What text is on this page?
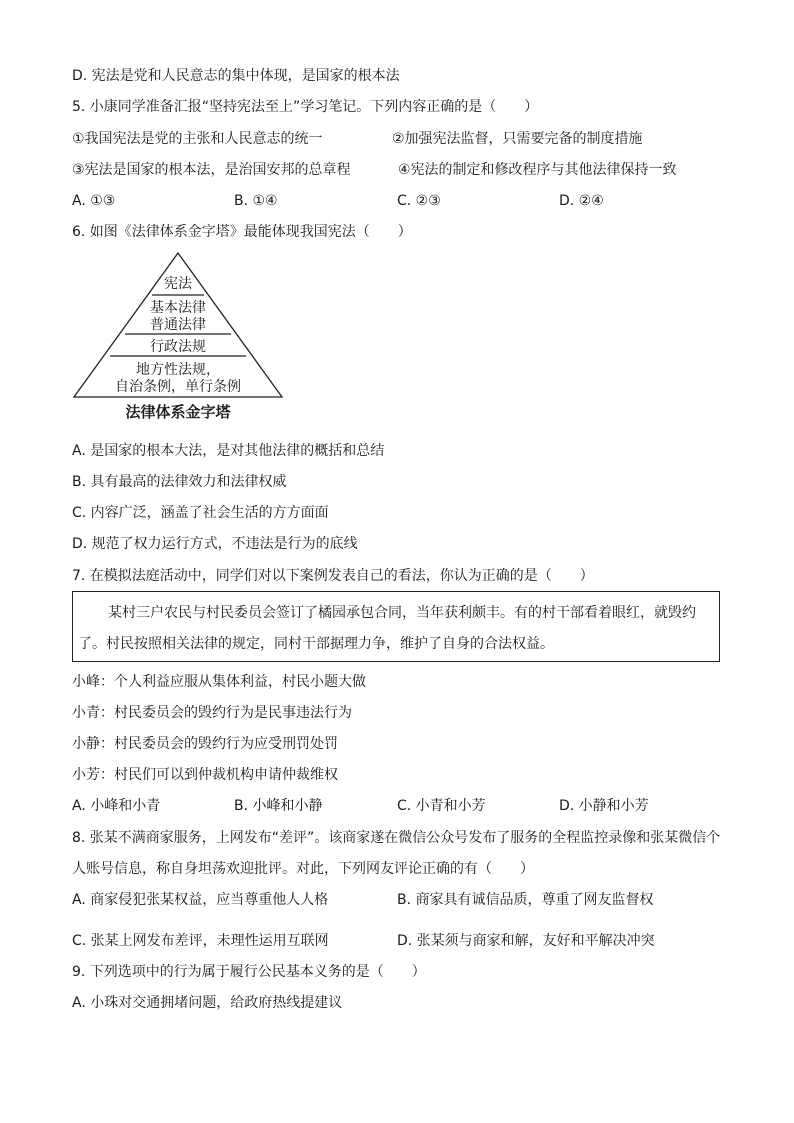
D. 宪法是党和人民意志的集中体现，是国家的根本法
5. 小康同学准备汇报“坚持宪法至上”学习笔记。下列内容正确的是（　　）
①我国宪法是党的主张和人民意志的统一	②加强宪法监督，只需要完备的制度措施
③宪法是国家的根本法，是治国安邦的总章程	④宪法的制定和修改程序与其他法律保持一致
A. ①③	B. ①④	C. ②③	D. ②④
6. 如图《法律体系金字塔》最能体现我国宪法（　　）
宪法
基本法律
普通法律
行政法规
地方性法规，
自治条例，单行条例
法律体系金字塔
A. 是国家的根本大法，是对其他法律的概括和总结
B. 具有最高的法律效力和法律权威
C. 内容广泛，涵盖了社会生活的方方面面
D. 规范了权力运行方式，不违法是行为的底线
7. 在模拟法庭活动中，同学们对以下案例发表自己的看法，你认为正确的是（　　）
某村三户农民与村民委员会签订了橘园承包合同，当年获利颇丰。有的村干部看着眼红，就毁约
了。村民按照相关法律的规定，同村干部据理力争，维护了自身的合法权益。
小峰：个人利益应服从集体利益，村民小题大做
小青：村民委员会的毁约行为是民事违法行为
小静：村民委员会的毁约行为应受刑罚处罚
小芳：村民们可以到仲裁机构申请仲裁维权
A. 小峰和小青	B. 小峰和小静	C. 小青和小芳	D. 小静和小芳
8. 张某不满商家服务，上网发布“差评”。该商家遂在微信公众号发布了服务的全程监控录像和张某微信个
人账号信息，称自身坦荡欢迎批评。对此，下列网友评论正确的有（　　）
A. 商家侵犯张某权益，应当尊重他人人格	B. 商家具有诚信品质，尊重了网友监督权
C. 张某上网发布差评，未理性运用互联网	D. 张某须与商家和解，友好和平解决冲突
9. 下列选项中的行为属于履行公民基本义务的是（　　）
A. 小珠对交通拥堵问题，给政府热线提建议
